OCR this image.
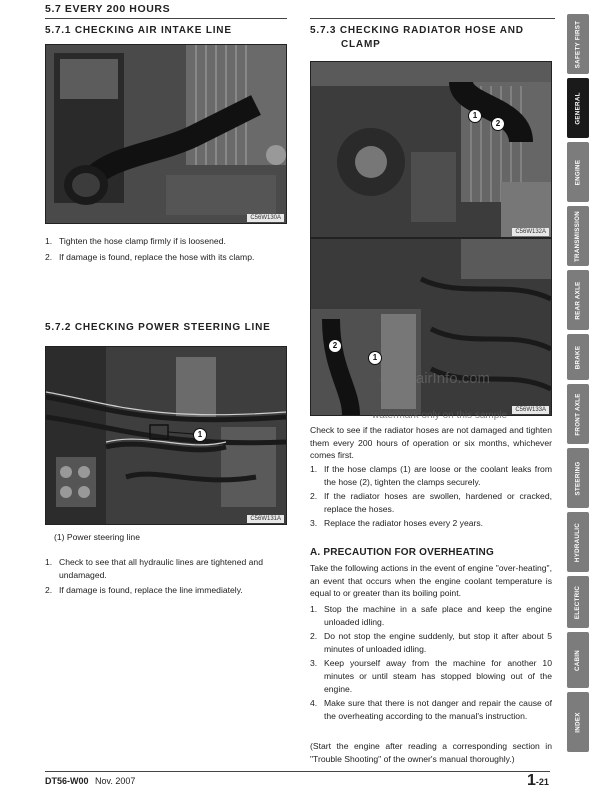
5.7 EVERY 200 HOURS
5.7.1 CHECKING AIR INTAKE LINE
C56W130A
1. Tighten the hose clamp firmly if is loosened.
2. If damage is found, replace the hose with its clamp.
5.7.2 CHECKING POWER STEERING LINE
1
C56W131A
(1) Power steering line
1. Check to see that all hydraulic lines are tightened and undamaged.
2. If damage is found, replace the line immediately.
5.7.3 CHECKING RADIATOR HOSE AND
CLAMP
1
2
C56W132A
2
1
C56W133A
Check to see if the radiator hoses are not damaged and tighten them every 200 hours of operation or six months, whichever comes first.
1. If the hose clamps (1) are loose or the coolant leaks from the hose (2), tighten the clamps securely.
2. If the radiator hoses are swollen, hardened or cracked, replace the hoses.
3. Replace the radiator hoses every 2 years.
A. PRECAUTION FOR OVERHEATING
Take the following actions in the event of engine "over-heating", an event that occurs when the engine coolant temperature is equal to or greater than its boiling point.
1. Stop the machine in a safe place and keep the engine unloaded idling.
2. Do not stop the engine suddenly, but stop it after about 5 minutes of unloaded idling.
3. Keep yourself away from the machine for another 10 minutes or until steam has stopped blowing out of the engine.
4. Make sure that there is not danger and repair the cause of the overheating according to the manual's instruction.
(Start the engine after reading a corresponding section in "Trouble Shooting" of the owner's manual thoroughly.)
eRepairInfo.com
watermark only on this sample
SAFETY FIRST
GENERAL
ENGINE
TRANSMISSION
REAR AXLE
BRAKE
FRONT AXLE
STEERING
HYDRAULIC
ELECTRIC
CABIN
INDEX
DT56-W00 Nov. 2007	1-21
